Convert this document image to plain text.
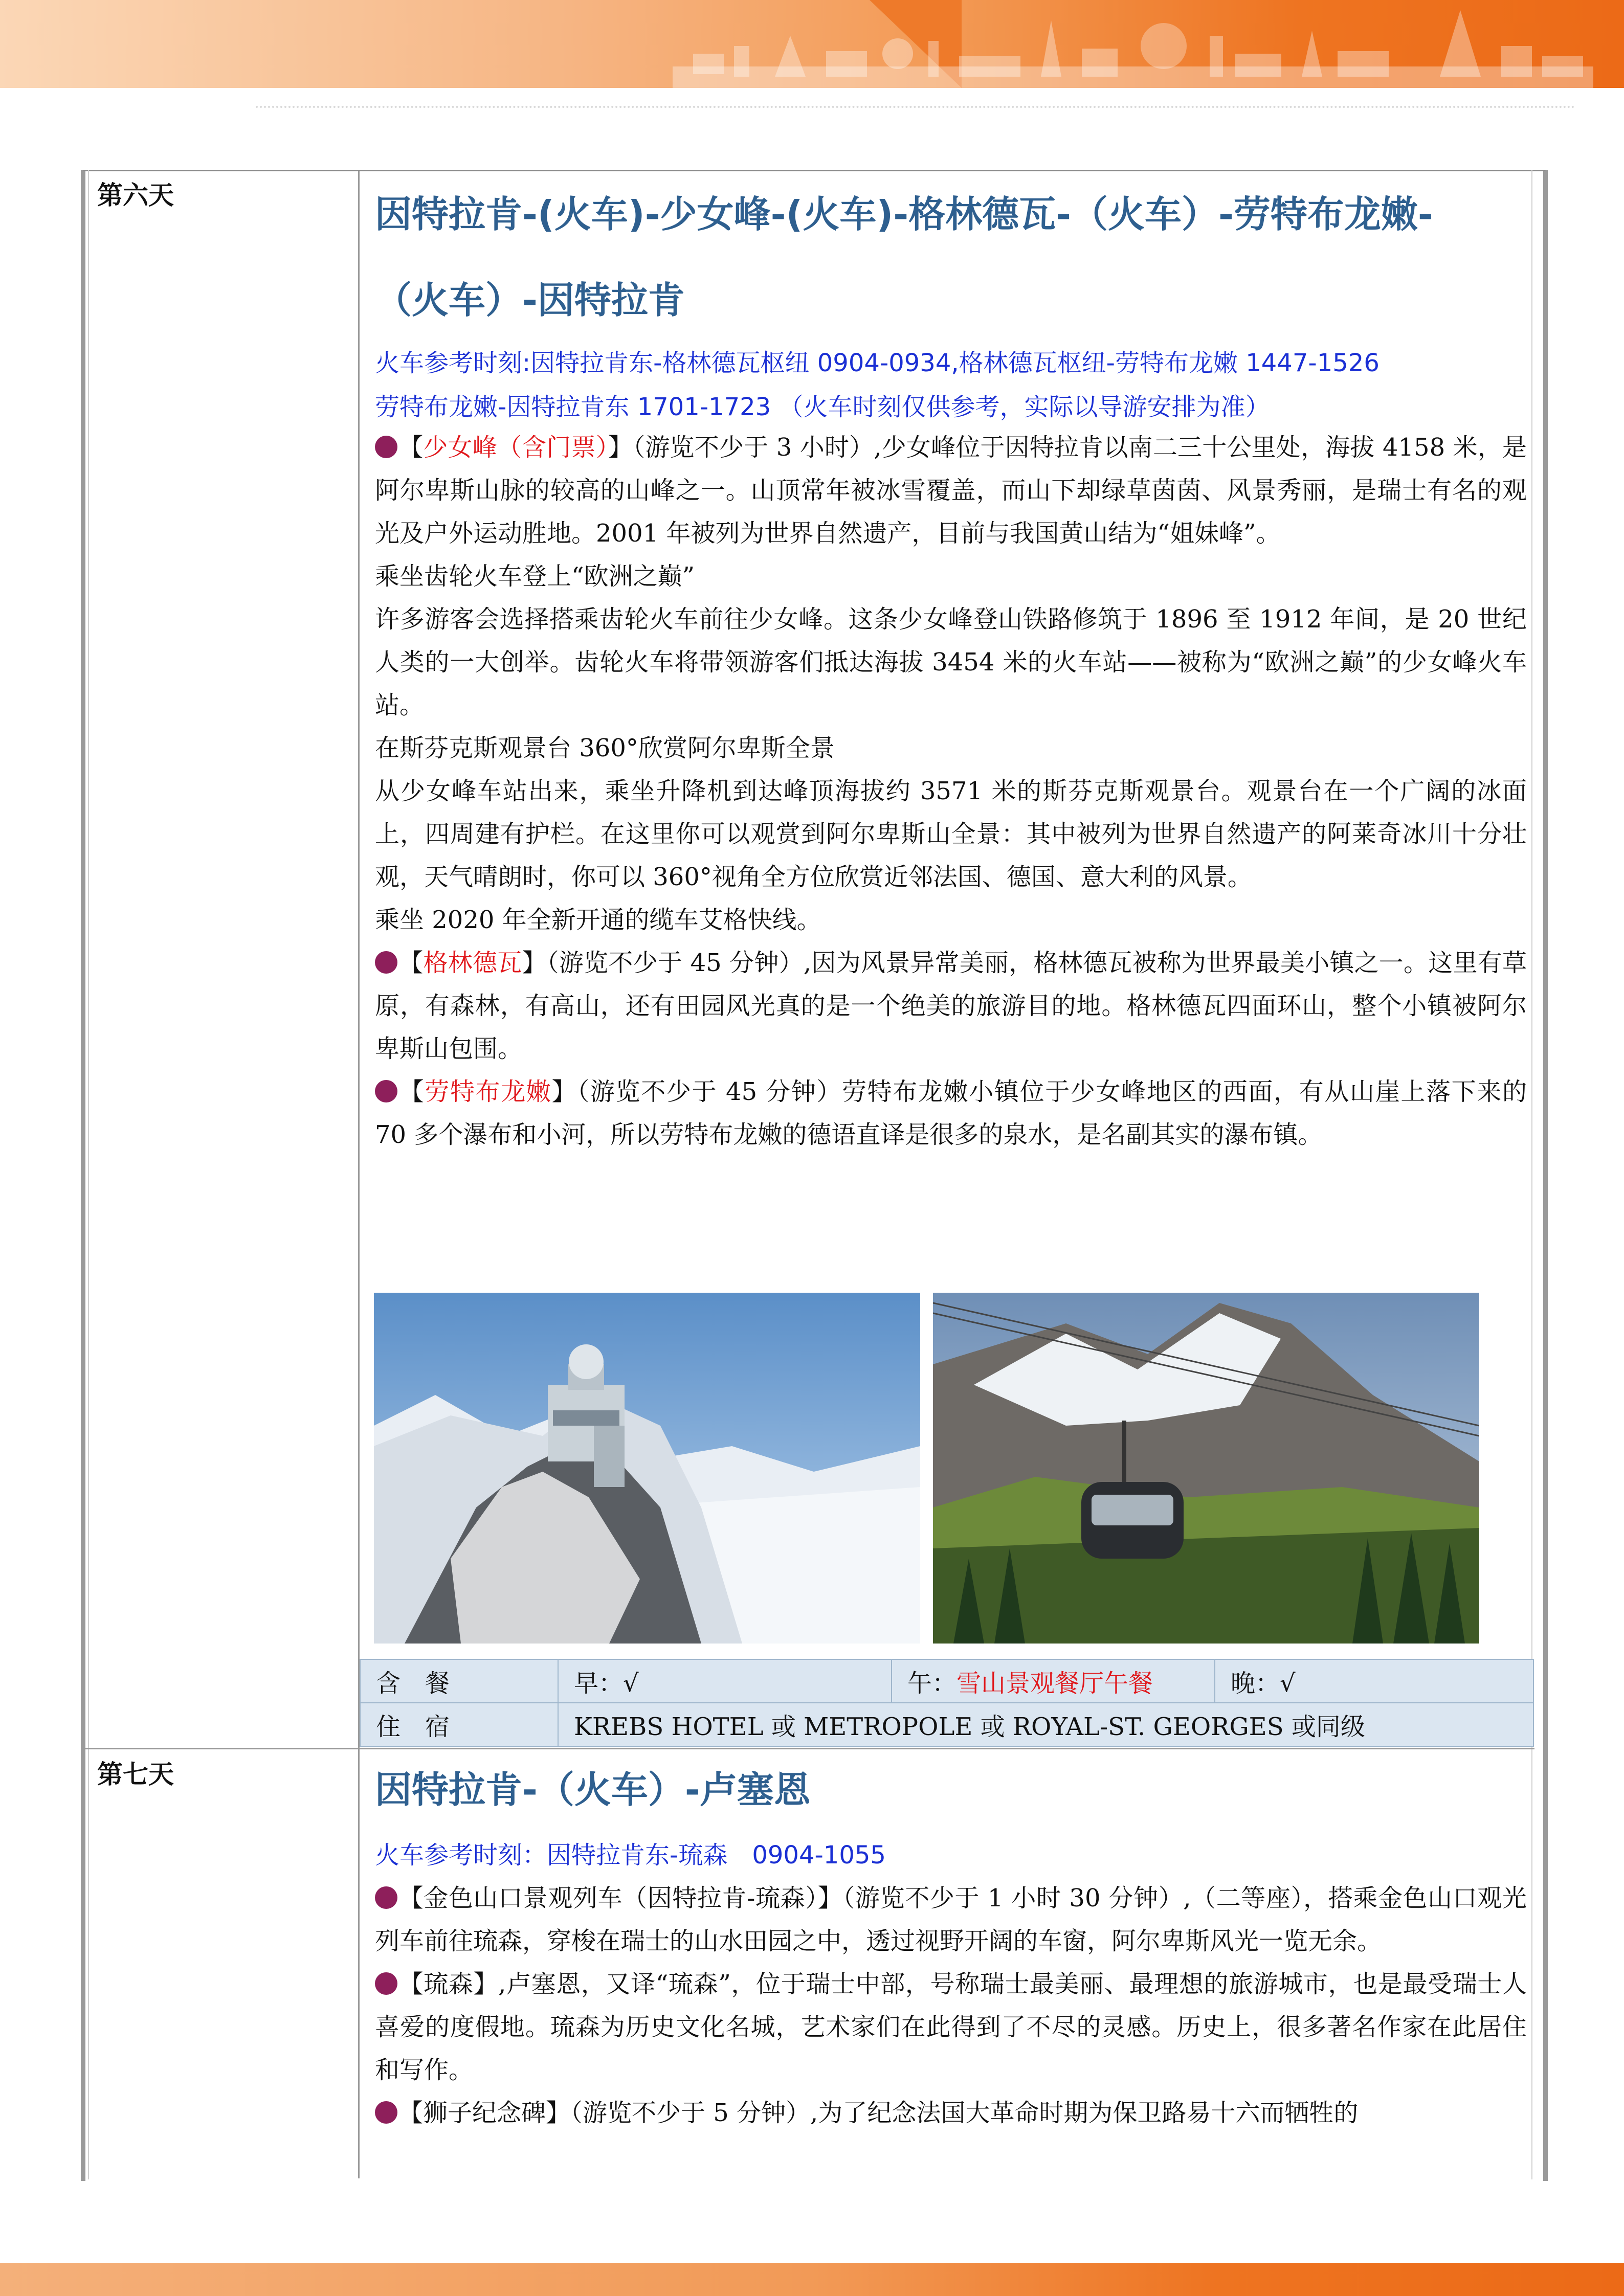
第六天	因特拉肯-(火车)-少女峰-(火车)-格林德瓦-（火车）-劳特布龙嫩-
（火车）-因特拉肯
火车参考时刻:因特拉肯东-格林德瓦枢纽 0904-0934,格林德瓦枢纽-劳特布龙嫩 1447-1526
劳特布龙嫩-因特拉肯东 1701-1723 （火车时刻仅供参考，实际以导游安排为准）
【少女峰（含门票）】（游览不少于 3 小时）,少女峰位于因特拉肯以南二三十公里处，海拔 4158 米，是阿尔卑斯山脉的较高的山峰之一。山顶常年被冰雪覆盖，而山下却绿草茵茵、风景秀丽，是瑞士有名的观光及户外运动胜地。2001 年被列为世界自然遗产，目前与我国黄山结为“姐妹峰”。
乘坐齿轮火车登上“欧洲之巅”
许多游客会选择搭乘齿轮火车前往少女峰。这条少女峰登山铁路修筑于 1896 至 1912 年间，是 20 世纪人类的一大创举。齿轮火车将带领游客们抵达海拔 3454 米的火车站——被称为“欧洲之巅”的少女峰火车站。
在斯芬克斯观景台 360°欣赏阿尔卑斯全景
从少女峰车站出来，乘坐升降机到达峰顶海拔约 3571 米的斯芬克斯观景台。观景台在一个广阔的冰面上，四周建有护栏。在这里你可以观赏到阿尔卑斯山全景：其中被列为世界自然遗产的阿莱奇冰川十分壮观，天气晴朗时，你可以 360°视角全方位欣赏近邻法国、德国、意大利的风景。
乘坐 2020 年全新开通的缆车艾格快线。
【格林德瓦】（游览不少于 45 分钟）,因为风景异常美丽，格林德瓦被称为世界最美小镇之一。这里有草原，有森林，有高山，还有田园风光真的是一个绝美的旅游目的地。格林德瓦四面环山，整个小镇被阿尔卑斯山包围。
【劳特布龙嫩】（游览不少于 45 分钟）劳特布龙嫩小镇位于少女峰地区的西面，有从山崖上落下来的 70 多个瀑布和小河，所以劳特布龙嫩的德语直译是很多的泉水，是名副其实的瀑布镇。
含　餐	早：√	午：雪山景观餐厅午餐	晚：√
住　宿	KREBS HOTEL 或 METROPOLE 或 ROYAL-ST. GEORGES 或同级		
第七天	因特拉肯-（火车）-卢塞恩
火车参考时刻：因特拉肯东-琉森　0904-1055
【金色山口景观列车（因特拉肯-琉森）】（游览不少于 1 小时 30 分钟）,（二等座），搭乘金色山口观光列车前往琉森，穿梭在瑞士的山水田园之中，透过视野开阔的车窗，阿尔卑斯风光一览无余。
【琉森】,卢塞恩，又译“琉森”，位于瑞士中部，号称瑞士最美丽、最理想的旅游城市，也是最受瑞士人喜爱的度假地。琉森为历史文化名城，艺术家们在此得到了不尽的灵感。历史上，很多著名作家在此居住和写作。
【狮子纪念碑】（游览不少于 5 分钟）,为了纪念法国大革命时期为保卫路易十六而牺牲的
